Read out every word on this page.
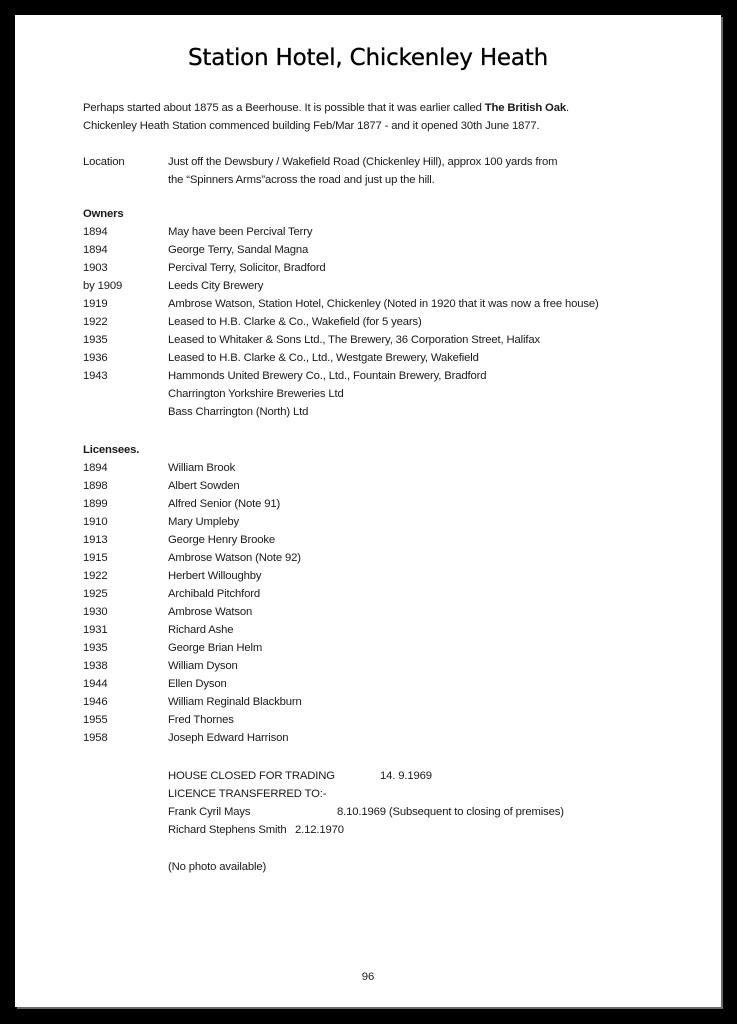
Station Hotel, Chickenley Heath
Perhaps started about 1875 as a Beerhouse. It is possible that it was earlier called The British Oak.
Chickenley Heath Station commenced building Feb/Mar 1877 - and it opened 30th June 1877.
Location	Just off the Dewsbury / Wakefield Road (Chickenley Hill), approx 100 yards from
the “Spinners Arms”across the road and just up the hill.
Owners
1894	May have been Percival Terry
1894	George Terry, Sandal Magna
1903	Percival Terry, Solicitor, Bradford
by 1909	Leeds City Brewery
1919	Ambrose Watson, Station Hotel, Chickenley (Noted in 1920 that it was now a free house)
1922	Leased to H.B. Clarke & Co., Wakefield (for 5 years)
1935	Leased to Whitaker & Sons Ltd., The Brewery, 36 Corporation Street, Halifax
1936	Leased to H.B. Clarke & Co., Ltd., Westgate Brewery, Wakefield
1943	Hammonds United Brewery Co., Ltd., Fountain Brewery, Bradford
Charrington Yorkshire Breweries Ltd
Bass Charrington (North) Ltd
Licensees.
1894	William Brook
1898	Albert Sowden
1899	Alfred Senior (Note 91)
1910	Mary Umpleby
1913	George Henry Brooke
1915	Ambrose Watson (Note 92)
1922	Herbert Willoughby
1925	Archibald Pitchford
1930	Ambrose Watson
1931	Richard Ashe
1935	George Brian Helm
1938	William Dyson
1944	Ellen Dyson
1946	William Reginald Blackburn
1955	Fred Thornes
1958	Joseph Edward Harrison
HOUSE CLOSED FOR TRADING	14. 9.1969
LICENCE TRANSFERRED TO:-
Frank Cyril Mays	8.10.1969 (Subsequent to closing of premises)
Richard Stephens Smith 2.12.1970
(No photo available)
96
